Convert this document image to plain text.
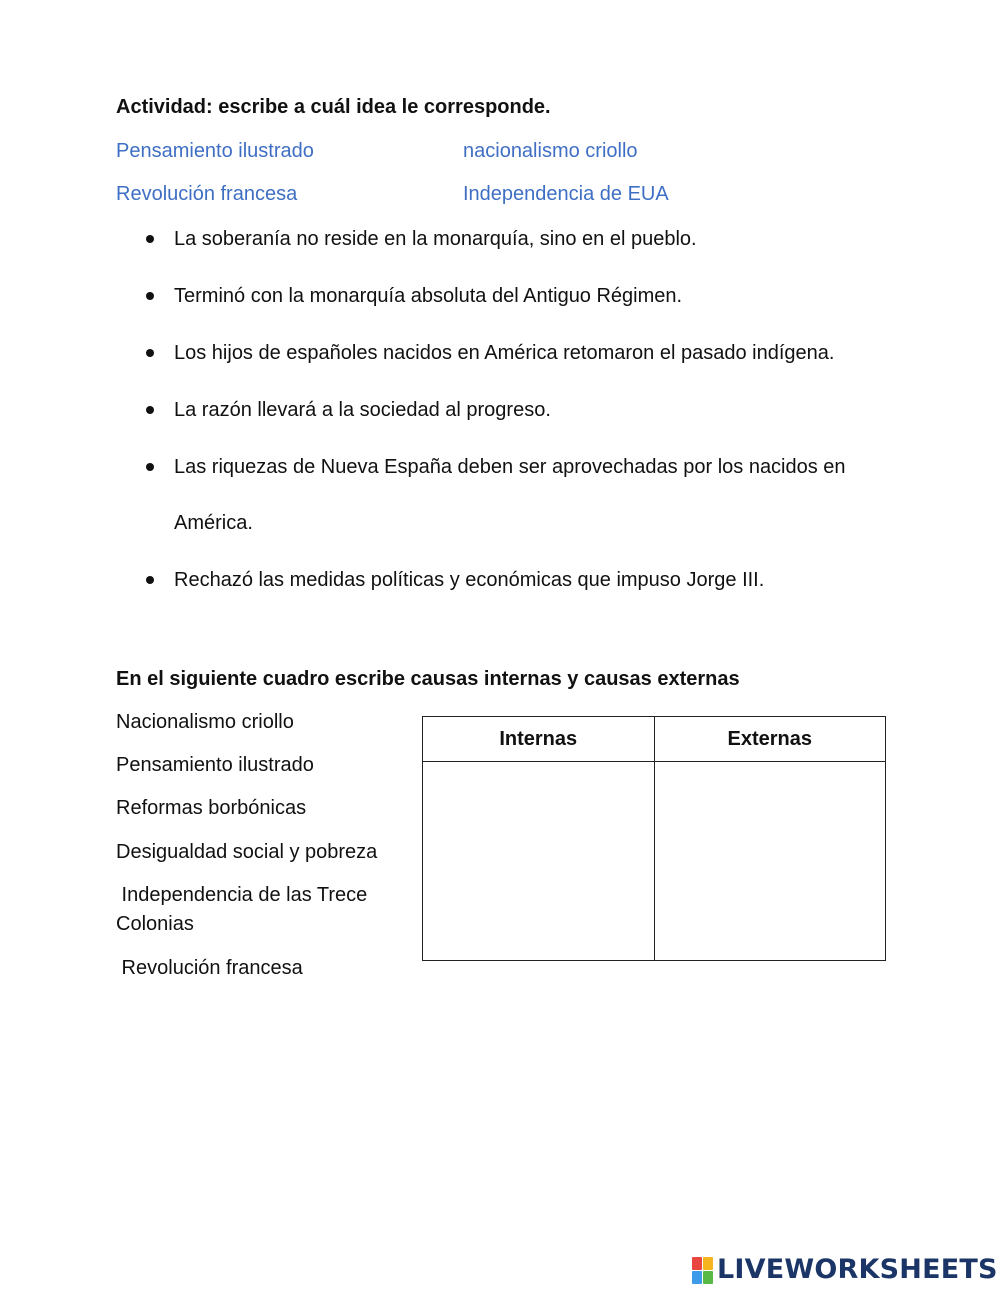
Actividad: escribe a cuál idea le corresponde.
Pensamiento ilustrado	nacionalismo criollo
Revolución francesa	Independencia de EUA
La soberanía no reside en la monarquía, sino en el pueblo.
Terminó con la monarquía absoluta del Antiguo Régimen.
Los hijos de españoles nacidos en América retomaron el pasado indígena.
La razón llevará a la sociedad al progreso.
Las riquezas de Nueva España deben ser aprovechadas por los nacidos en
América.
Rechazó las medidas políticas y económicas que impuso Jorge III.
En el siguiente cuadro escribe causas internas y causas externas
Nacionalismo criollo
Pensamiento ilustrado
Reformas borbónicas
Desigualdad social y pobreza
Independencia de las Trece
Colonias
Revolución francesa
Internas	Externas

LIVEWORKSHEETS
